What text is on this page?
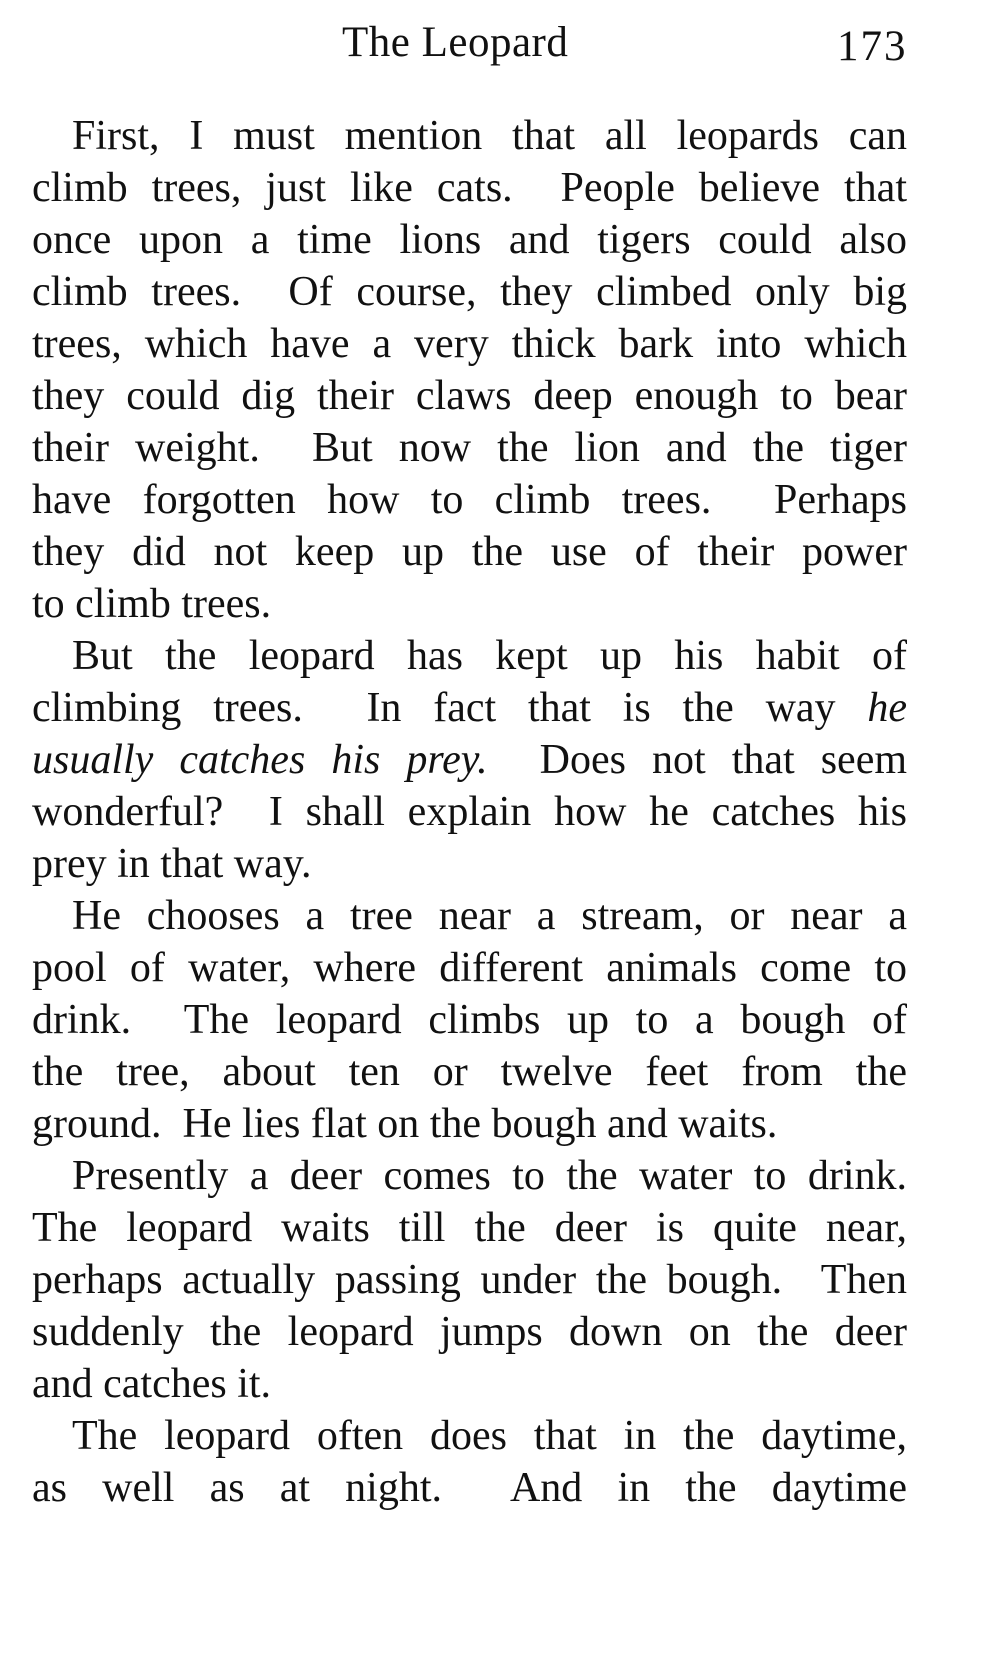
The Leopard	173
First, I must mention that all leopards can
climb trees, just like cats.  People believe that
once upon a time lions and tigers could also
climb trees.  Of course, they climbed only big
trees, which have a very thick bark into which
they could dig their claws deep enough to bear
their weight.  But now the lion and the tiger
have forgotten how to climb trees.  Perhaps
they did not keep up the use of their power
to climb trees.
But the leopard has kept up his habit of
climbing trees.  In fact that is the way he
usually catches his prey.  Does not that seem
wonderful?  I shall explain how he catches his
prey in that way.
He chooses a tree near a stream, or near a
pool of water, where different animals come to
drink.  The leopard climbs up to a bough of
the tree, about ten or twelve feet from the
ground.  He lies flat on the bough and waits.
Presently a deer comes to the water to drink.
The leopard waits till the deer is quite near,
perhaps actually passing under the bough.  Then
suddenly the leopard jumps down on the deer
and catches it.
The leopard often does that in the daytime,
as well as at night.  And in the daytime
